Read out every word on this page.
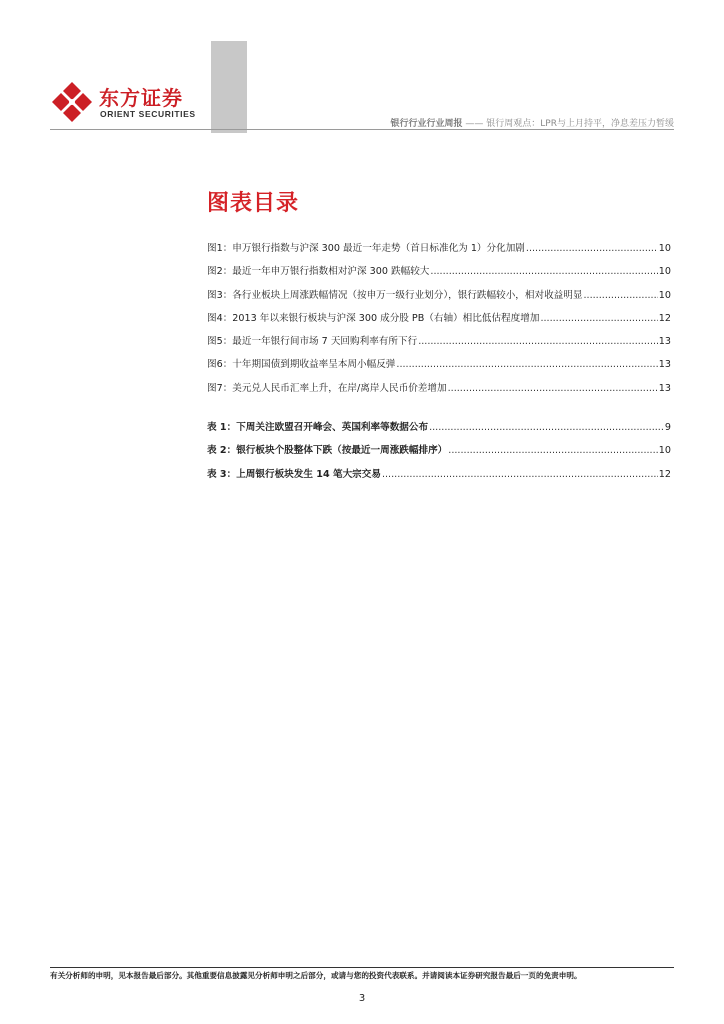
东方证券
ORIENT SECURITIES
银行行业行业周报 —— 银行周观点：LPR与上月持平，净息差压力暂缓
图表目录
图1：申万银行指数与沪深 300 最近一年走势（首日标准化为 1）分化加剧 .....	10
图2：最近一年申万银行指数相对沪深 300 跌幅较大 .....	10
图3：各行业板块上周涨跌幅情况（按申万一级行业划分），银行跌幅较小，相对收益明显 .....	10
图4：2013 年以来银行板块与沪深 300 成分股 PB（右轴）相比低估程度增加 .....	12
图5：最近一年银行间市场 7 天回购利率有所下行 .....	13
图6：十年期国债到期收益率呈本周小幅反弹 .....	13
图7：美元兑人民币汇率上升，在岸/离岸人民币价差增加 .....	13
表 1：下周关注欧盟召开峰会、英国利率等数据公布 .....	9
表 2：银行板块个股整体下跌（按最近一周涨跌幅排序） .....	10
表 3：上周银行板块发生 14 笔大宗交易 .....	12
有关分析师的申明，见本报告最后部分。其他重要信息披露见分析师申明之后部分，或请与您的投资代表联系。并请阅读本证券研究报告最后一页的免责申明。
3
